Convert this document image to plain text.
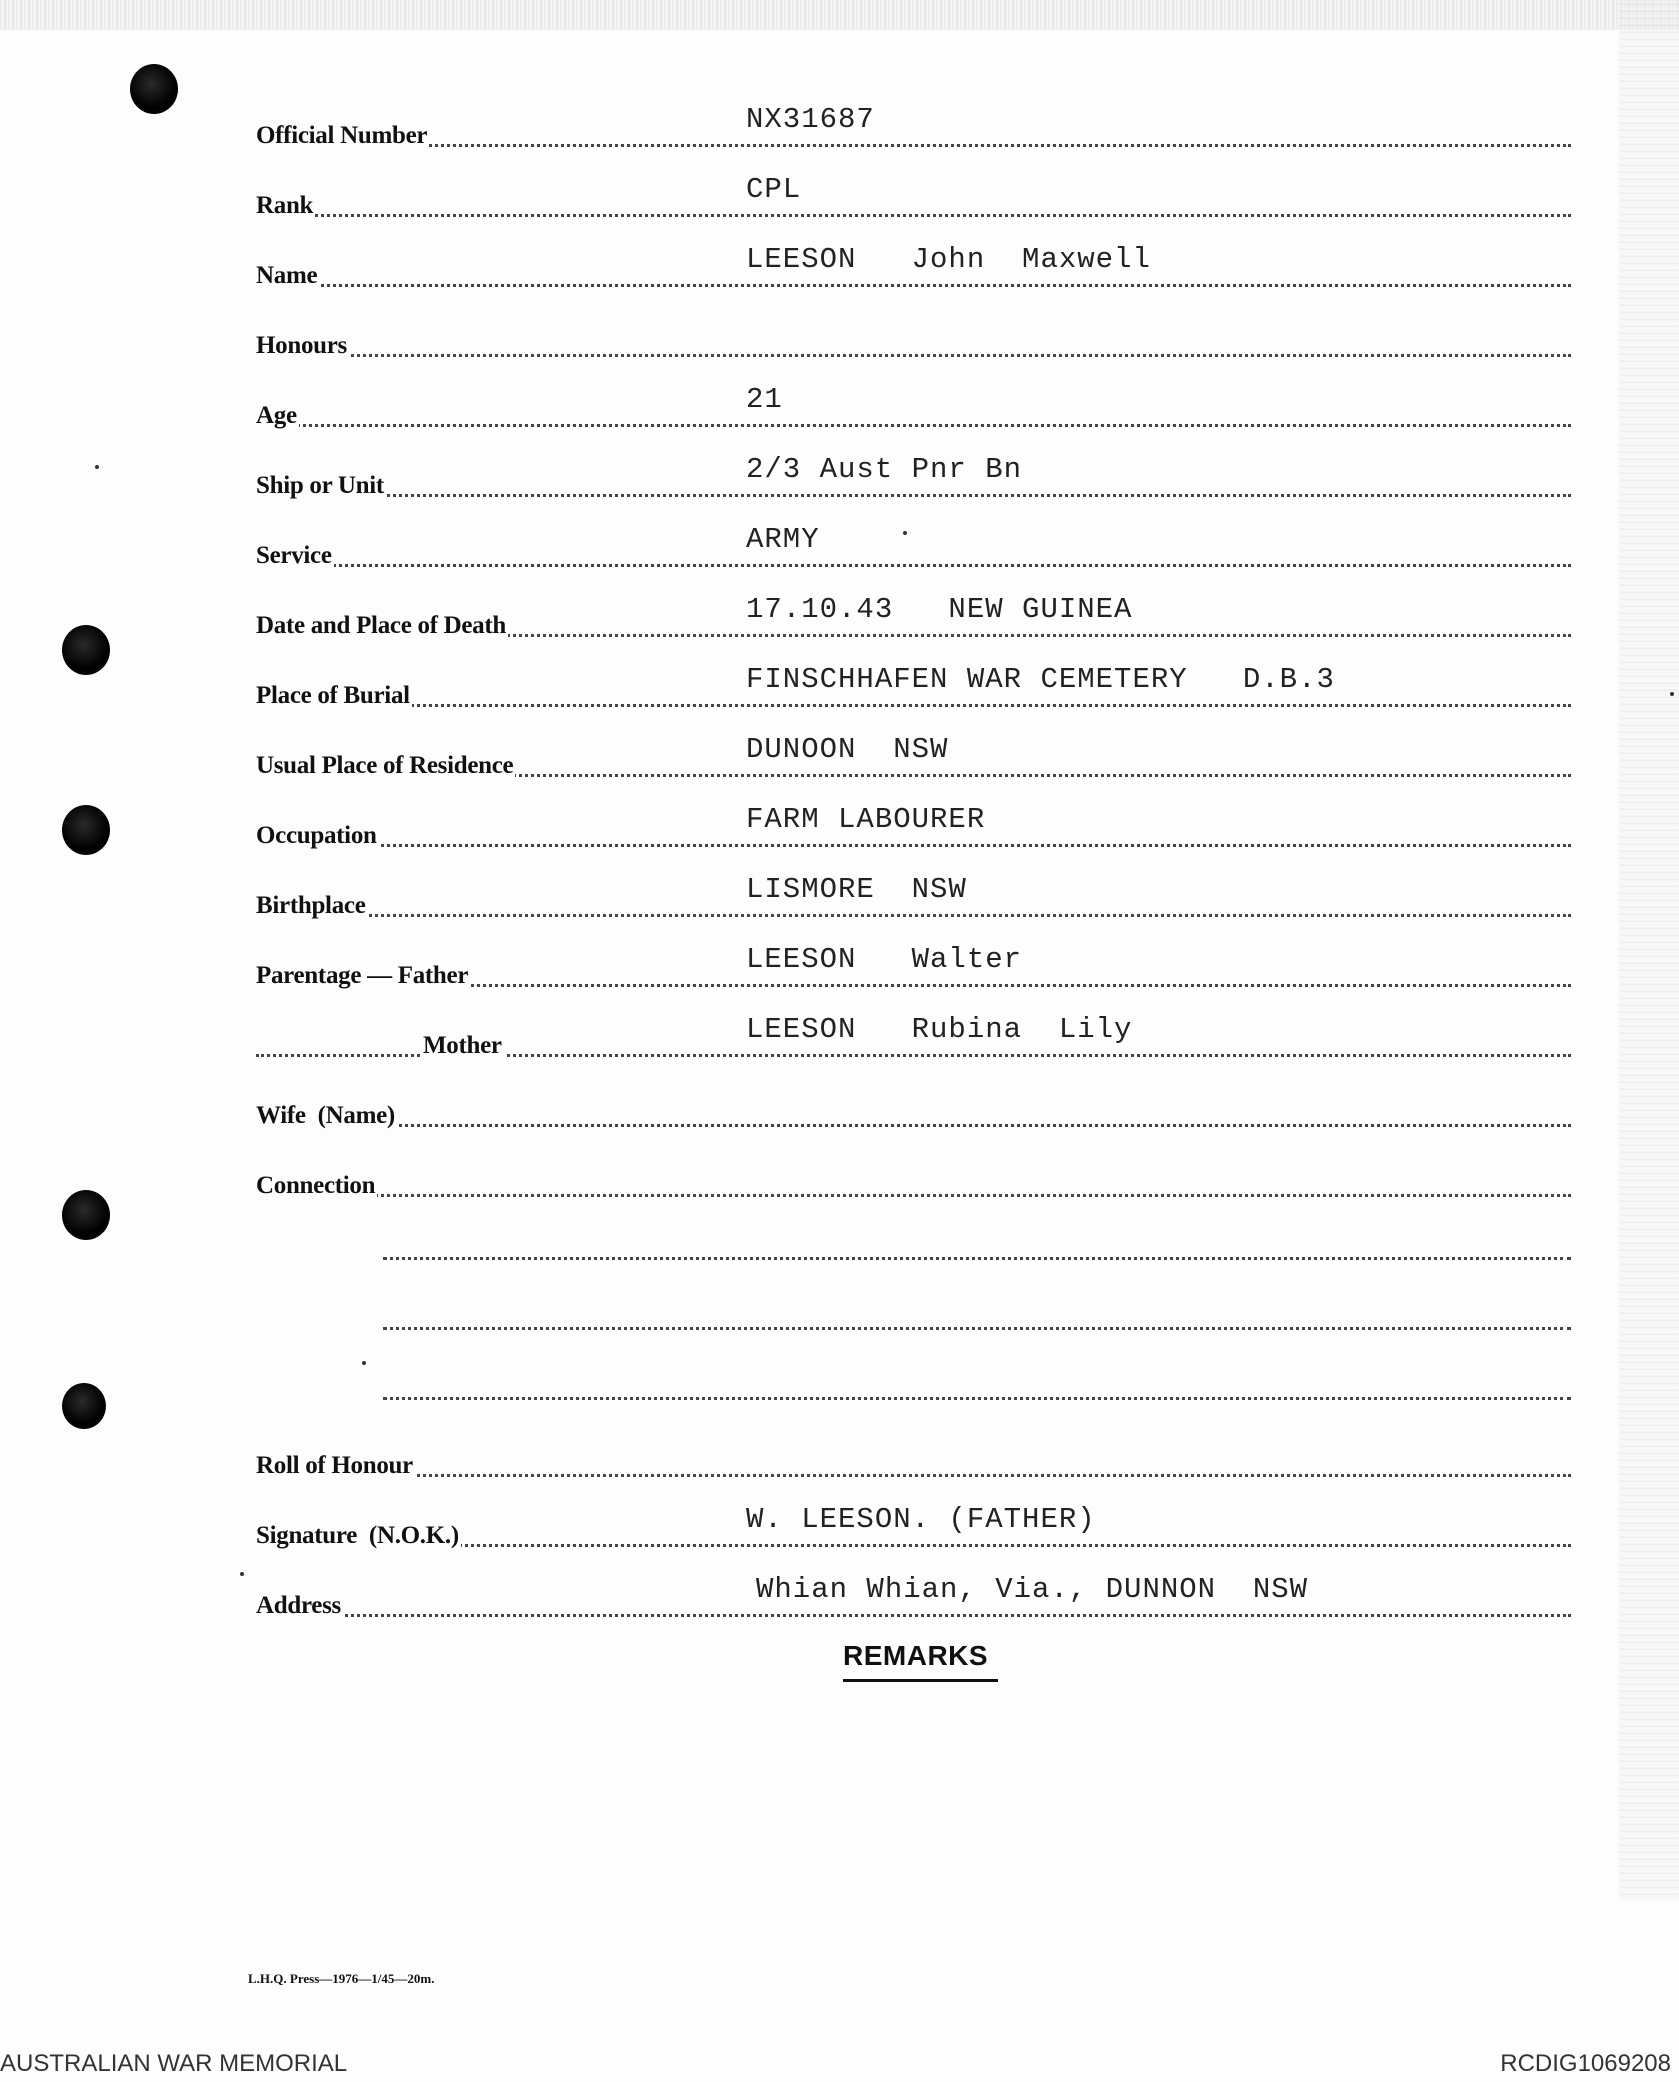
Official Number	NX31687
Rank	CPL
Name	LEESON   John  Maxwell
Honours
Age	21
Ship or Unit	2/3 Aust Pnr Bn
Service	ARMY
Date and Place of Death	17.10.43   NEW GUINEA
Place of Burial	FINSCHHAFEN WAR CEMETERY   D.B.3
Usual Place of Residence	DUNOON  NSW
Occupation	FARM LABOURER
Birthplace	LISMORE  NSW
Parentage — Father	LEESON   Walter
Mother	LEESON   Rubina  Lily
Wife  (Name)
Connection
Roll of Honour
Signature  (N.O.K.)	W. LEESON. (FATHER)
Address	Whian Whian, Via., DUNNON  NSW
REMARKS
L.H.Q. Press—1976—1/45—20m.
AUSTRALIAN WAR MEMORIAL	RCDIG1069208
